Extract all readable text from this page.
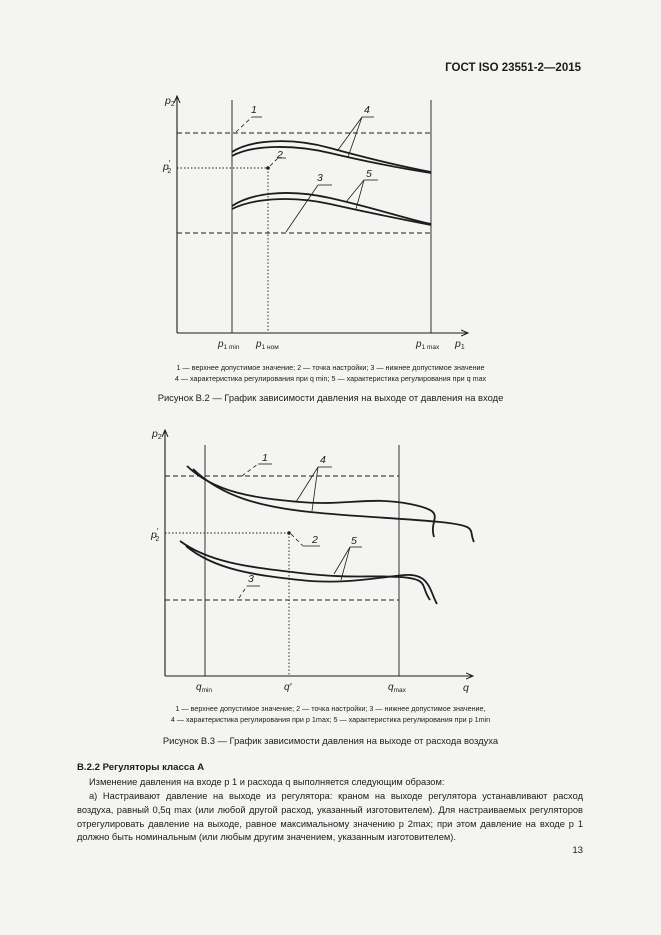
ГОСТ ISO 23551-2—2015
p2
p1
p′ 2
1
2
3
4
5
$p_{1 min}$ $p_{1 ном}$	$p_{1 max}$
1 — верхнее допустимое значение; 2 — точка настройки; 3 — нижнее допустимое значение
4 — характеристика регулирования при q min; 5 — характеристика регулирования при q max
Рисунок В.2 — График зависимости давления на выходе от давления на входе
p2
q
p′ 2
1
2
3
4
5
$q_{min}$	q′	$q_{max}$
1 — верхнее допустимое значение; 2 — точка настройки; 3 — нижнее допустимое значение,
4 — характеристика регулирования при p 1max; 5 — характеристика регулирования при p 1min
Рисунок В.3 — График зависимости давления на выходе от расхода воздуха
В.2.2 Регуляторы класса А
Изменение давления на входе p 1 и расхода q выполняется следующим образом:
а) Настраивают давление на выходе из регулятора: краном на выходе регулятора устанавливают расход воздуха, равный 0,5q max (или любой другой расход, указанный изготовителем). Для настраиваемых регуляторов отрегулировать давление на выходе, равное максимальному значению p 2max; при этом давление на входе p 1 должно быть номинальным (или любым другим значением, указанным изготовителем).
13
